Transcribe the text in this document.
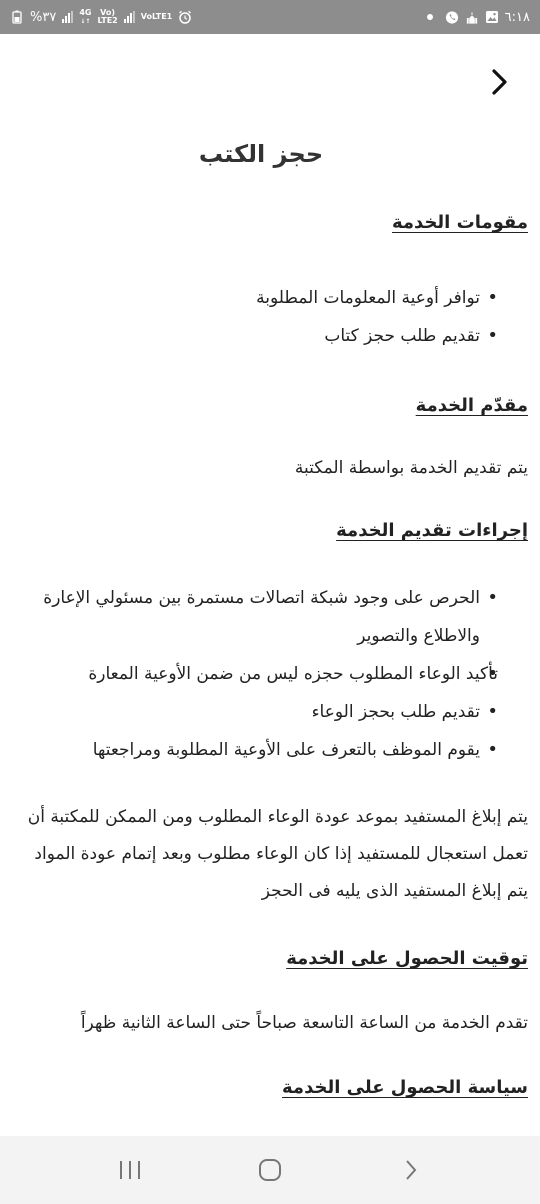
%٣٧	4G
↓↑
Vo)
LTE2	VoLTE1	٦:١٨
حجز الكتب
مقومات الخدمة
• توافر أوعية المعلومات المطلوبة
• تقديم طلب حجز كتاب
مقدّم الخدمة

يتم تقديم الخدمة بواسطة المكتبة

إجراءات تقديم الخدمة
• الحرص على وجود شبكة اتصالات مستمرة بين مسئولي الإعارة والاطلاع والتصوير
• تأكيد الوعاء المطلوب حجزه ليس من ضمن الأوعية المعارة
• تقديم طلب بحجز الوعاء
• يقوم الموظف بالتعرف على الأوعية المطلوبة ومراجعتها

يتم إبلاغ المستفيد بموعد عودة الوعاء المطلوب ومن الممكن للمكتبة أن تعمل استعجال للمستفيد إذا كان الوعاء مطلوب وبعد إتمام عودة المواد يتم إبلاغ المستفيد الذى يليه فى الحجز

توقيت الحصول على الخدمة

تقدم الخدمة من الساعة التاسعة صباحاً حتى الساعة الثانية ظهراً

سياسة الحصول على الخدمة
